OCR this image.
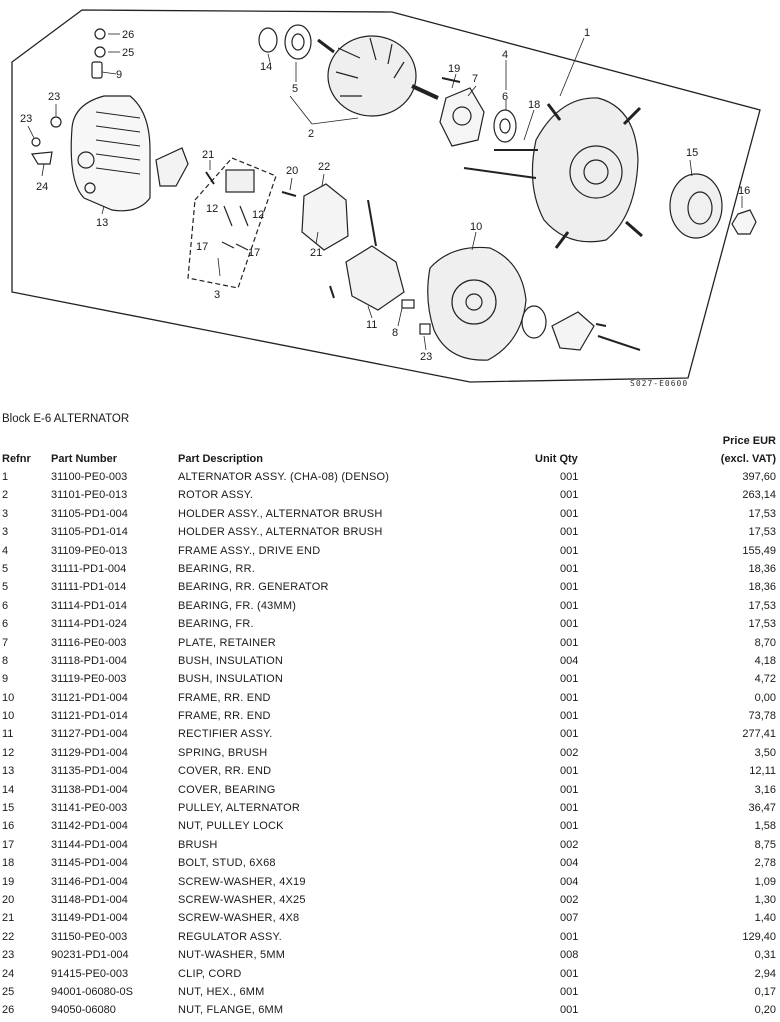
26
25
9
23
23
24
13
14
5
2
4
1
19
7
6
18
21
20 22
12	12
17	17
3
21
15
16
10
11
8
23
S027-E0600
Block E-6 ALTERNATOR
Refnr Part Number	Part Description	Unit Qty
Price EUR
(excl. VAT)
1	31100-PE0-003	ALTERNATOR ASSY. (CHA-08) (DENSO)	001	397,60
2	31101-PE0-013	ROTOR ASSY.	001	263,14
3	31105-PD1-004	HOLDER ASSY., ALTERNATOR BRUSH	001	17,53
3	31105-PD1-014	HOLDER ASSY., ALTERNATOR BRUSH	001	17,53
4	31109-PE0-013	FRAME ASSY., DRIVE END	001	155,49
5	31111-PD1-004	BEARING, RR.	001	18,36
5	31111-PD1-014	BEARING, RR. GENERATOR	001	18,36
6	31114-PD1-014	BEARING, FR. (43MM)	001	17,53
6	31114-PD1-024	BEARING, FR.	001	17,53
7	31116-PE0-003	PLATE, RETAINER	001	8,70
8	31118-PD1-004	BUSH, INSULATION	004	4,18
9	31119-PE0-003	BUSH, INSULATION	001	4,72
10	31121-PD1-004	FRAME, RR. END	001	0,00
10	31121-PD1-014	FRAME, RR. END	001	73,78
11	31127-PD1-004	RECTIFIER ASSY.	001	277,41
12	31129-PD1-004	SPRING, BRUSH	002	3,50
13	31135-PD1-004	COVER, RR. END	001	12,11
14	31138-PD1-004	COVER, BEARING	001	3,16
15	31141-PE0-003	PULLEY, ALTERNATOR	001	36,47
16	31142-PD1-004	NUT, PULLEY LOCK	001	1,58
17	31144-PD1-004	BRUSH	002	8,75
18	31145-PD1-004	BOLT, STUD, 6X68	004	2,78
19	31146-PD1-004	SCREW-WASHER, 4X19	004	1,09
20	31148-PD1-004	SCREW-WASHER, 4X25	002	1,30
21	31149-PD1-004	SCREW-WASHER, 4X8	007	1,40
22	31150-PE0-003	REGULATOR ASSY.	001	129,40
23	90231-PD1-004	NUT-WASHER, 5MM	008	0,31
24	91415-PE0-003	CLIP, CORD	001	2,94
25	94001-06080-0S	NUT, HEX., 6MM	001	0,17
26	94050-06080	NUT, FLANGE, 6MM	001	0,20
